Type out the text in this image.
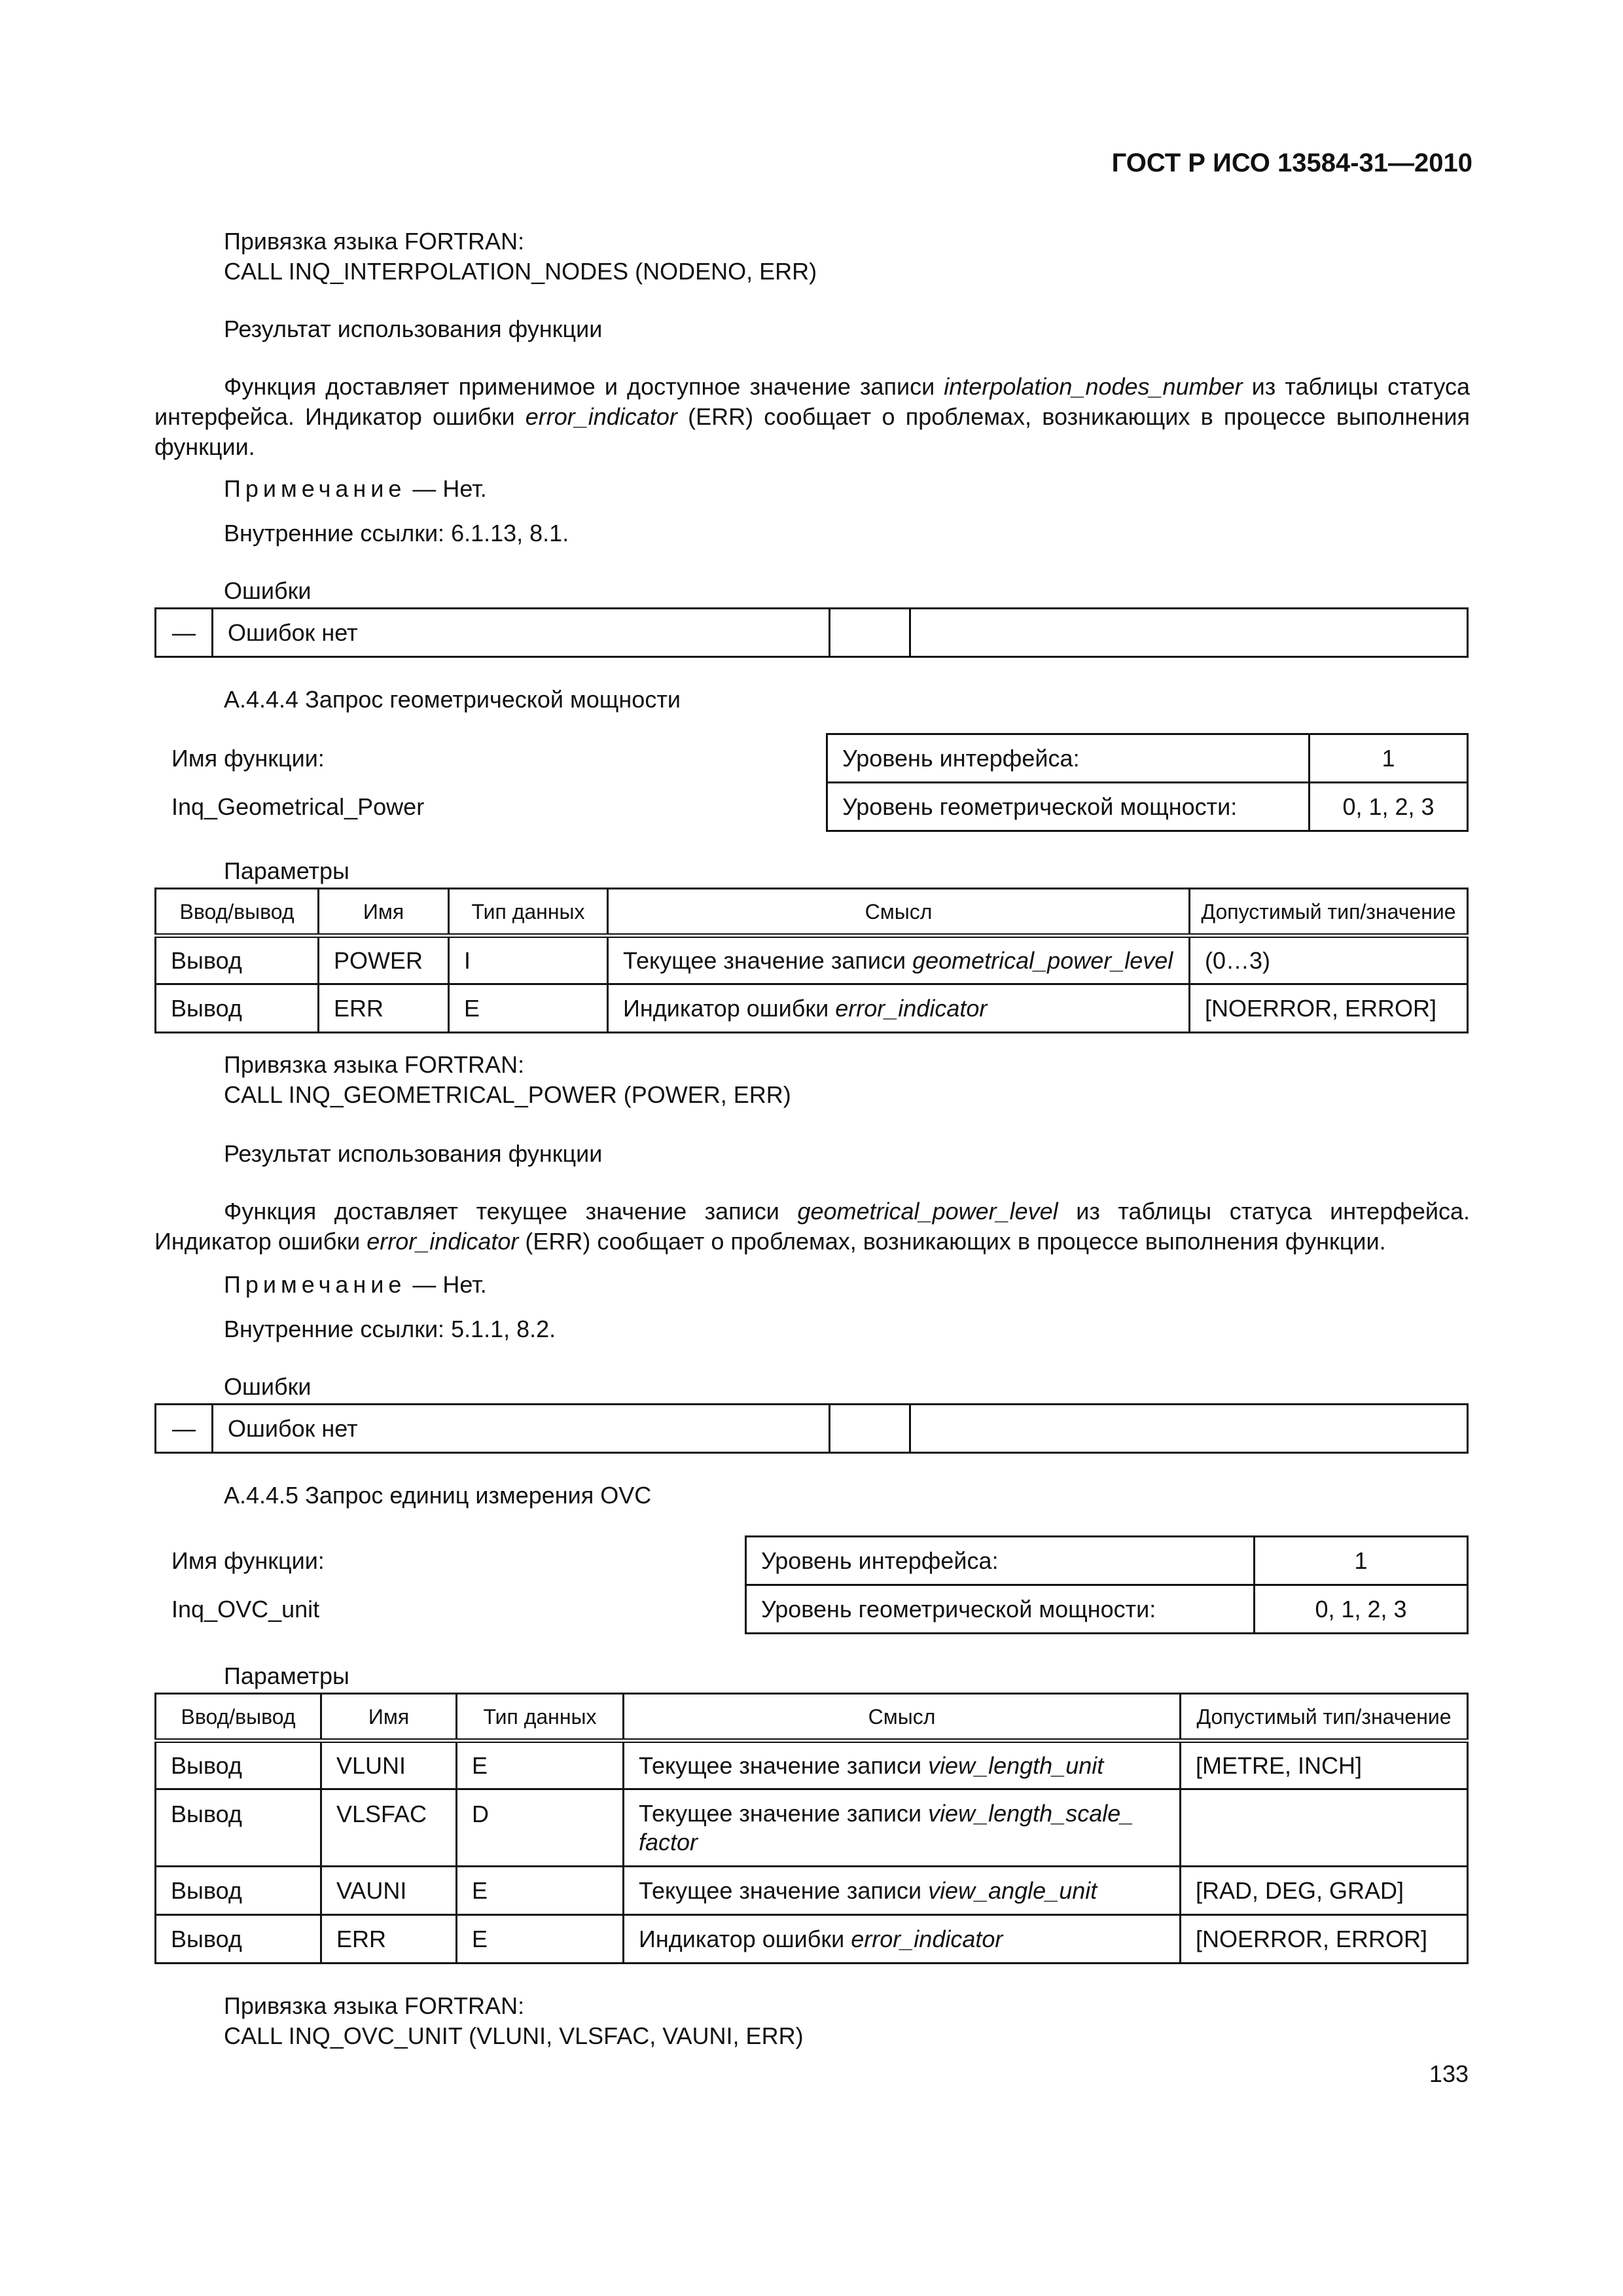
ГОСТ Р ИСО 13584-31—2010
Привязка языка FORTRAN:
CALL INQ_INTERPOLATION_NODES (NODENO, ERR)
Результат использования функции
Функция доставляет применимое и доступное значение записи interpolation_nodes_number из таблицы статуса интерфейса. Индикатор ошибки error_indicator (ERR) сообщает о проблемах, возникающих в процессе выполнения функции.
Примечание — Нет.
Внутренние ссылки: 6.1.13, 8.1.
Ошибки
—	Ошибок нет		
А.4.4.4 Запрос геометрической мощности
Имя функции:
Inq_Geometrical_Power
Уровень интерфейса:	1
Уровень геометрической мощности:	0, 1, 2, 3
Параметры
Ввод/вывод	Имя	Тип данных	Смысл	Допустимый тип/значение
Вывод	POWER	I	Текущее значение записи geometrical_power_level	(0…3)
Вывод	ERR	E	Индикатор ошибки error_indicator	[NOERROR, ERROR]
Привязка языка FORTRAN:
CALL INQ_GEOMETRICAL_POWER (POWER, ERR)
Результат использования функции
Функция доставляет текущее значение записи geometrical_power_level из таблицы статуса интерфейса. Индикатор ошибки error_indicator (ERR) сообщает о проблемах, возникающих в процессе выполнения функции.
Примечание — Нет.
Внутренние ссылки: 5.1.1, 8.2.
Ошибки
—	Ошибок нет		
А.4.4.5 Запрос единиц измерения OVC
Имя функции:
Inq_OVC_unit
Уровень интерфейса:	1
Уровень геометрической мощности:	0, 1, 2, 3
Параметры
Ввод/вывод	Имя	Тип данных	Смысл	Допустимый тип/значение
Вывод	VLUNI	E	Текущее значение записи view_length_unit	[METRE, INCH]
Вывод	VLSFAC	D	Текущее значение записи view_length_scale_ factor	
Вывод	VAUNI	E	Текущее значение записи view_angle_unit	[RAD, DEG, GRAD]
Вывод	ERR	E	Индикатор ошибки error_indicator	[NOERROR, ERROR]
Привязка языка FORTRAN:
CALL INQ_OVC_UNIT (VLUNI, VLSFAC, VAUNI, ERR)
133
